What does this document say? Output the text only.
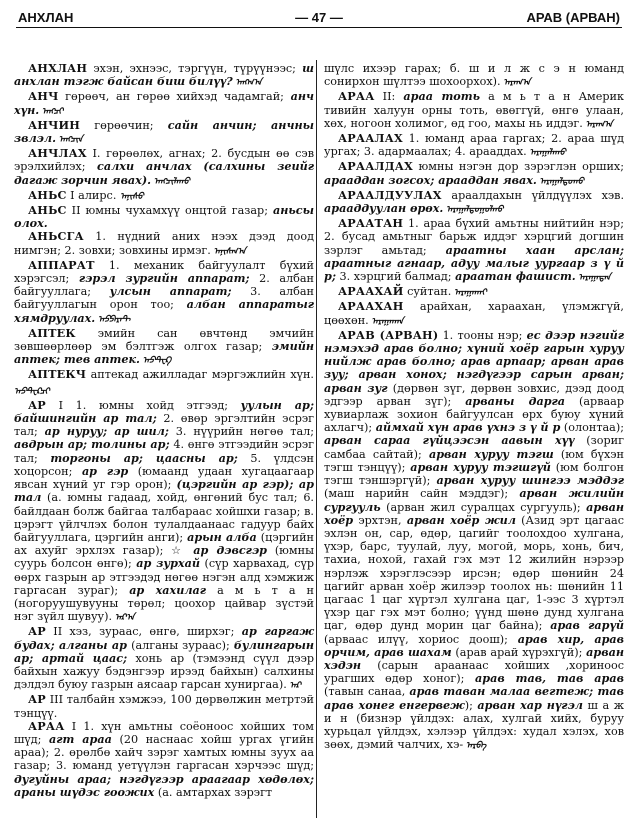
АНХЛАН	— 47 —	АРАВ (АРВАН)
АНХЛАН эхэн, эхнээс, тэргүүн, түрүүнээс; ш анхлан тэгж байсан биш билүү? ᠠᠩᠬ᠎ᠠ
АНЧ гөрөөч, ан гөрөө хийхэд чадамгай; анч хүн. ᠠᠩᠴᠢ
АНЧИН гөрөөчин; сайн анчин; анчны звлэл. ᠠᠩᠴᠢᠨ
АНЧЛАХ I. гөрөөлөх, агнах; 2. бусдын өө сэв эрэлхийлэх; салхи анчлах (салхины зеийг дагаж зорчин явах). ᠠᠩᠴᠢᠯᠠᠬᠤ
АНЬС I алирс. ᠠᠨᠢᠰᠤ
АНЬС II юмны чухамхүү онцтой газар; аньсы олох.
АНЬСГА 1. нүдний аних нээх дээд доод нимгэн; 2. зовхи; зовхины ирмэг. ᠠᠨᠢᠰᠬ᠎ᠠ
АППАРАТ 1. механик байгуулалт бүхий хэрэгсэл; гэрэл зургийн аппарат; 2. албан байгууллага; улсын аппарат; 3. албан байгууллагын орон тоо; албан аппаратыг хямдруулах. ᠠᠫᠫᠠᠷᠠᠲ
АПТЕК эмийн сан өвчтөнд эмчийн зөвшөөрлөөр эм бэлтгэж олгох газар; эмийн аптек; тев аптек. ᠠᠫᠲ᠋ᠧᠺ
АПТЕКЧ аптекад ажилладаг мэргэжлийн хүн. ᠠᠫᠲ᠋ᠧᠺᠴᠢ
АР I 1. юмны хойд этгээд; уулын ар; байшингийн ар тал; 2. өвөр эргэлтийн эсрэг тал; ар нуруу; ар шил; 3. нүүрийн нөгөө тал; авдрын ар; толины ар; 4. өнгө этгээдийн эсрэг тал; торгоны ар; цаасны ар; 5. үлдсэн хоцорсон; ар гэр (юмаанд удаан хугацаагаар явсан хүний уг гэр орон); (цэргийн ар гэр); ар тал (а. юмны гадаад, хойд, өнгөний бус тал; 6. байлдаан болж байгаа талбараас хойшхи газар; в. цэрэгт үйлчлэх болон тулалдаанаас гадуур байх байгууллага, цэргийн анги); арын алба (цэргийн ах ахуйг эрхлэх газар); ☆ ар дэвсгэр (юмны суурь болсон өнгө); ар зурхай (сүр харвахад, сүр өөрх газрын ар этгээдэд нөгөө нэгэн алд хэмжиж гаргасан зураг); ар хахилаг а м ь т а н (ногоруушувууны төрөл; цоохор цайвар зүстэй нэг зүйл шувуу). ᠠᠷ᠎ᠠ
АР II хэз, зураас, өнгө, ширхэг; ар гаргаж будах; алганы ар (алганы зураас); булингарын ар; артай цаас; хонь ар (тэмээнд сүүл дээр байхын хажуу бэдэнгээр ирээд байхын) салхины дэлдэл буюу газрын аясаар гарсан хуниргаа). ᠠᠷ
АР III талбайн хэмжээ, 100 дөрвөлжин метртэй тэнцүү.
АРАА I 1. хүн амьтны соёоноос хойших том шүд; агт араа (20 наснаас хойш ургах үгийн араа); 2. өрөлбө хайч зэрэг хамтых юмны зуух аа газар; 3. юманд уетүүлэн гаргасан хэрчээс шүд; дугуйны араа; нэгдүгээр араагаар хөдөлөх; араны шүдэс гоожих (а. амтархах зэрэгт
шүлс ихээр гарах; б. ш и л ж с э н юманд сонирхон шүлтээ шохоорхох). ᠠᠷᠠᠭ᠎ᠠ
АРАА II: араа тоть а м ь т а н Америк тивийн халуун орны тоть, өвөггүй, өнгө улаан, хөх, ногоон холимог, өд гоо, махы нь иддэг. ᠠᠷᠠᠭ᠎ᠠ
АРААЛАХ 1. юманд араа гаргах; 2. араа шүд ургах; 3. адармаалах; 4. арааддах. ᠠᠷᠠᠭᠠᠯᠠᠬᠤ
АРААЛДАХ юмны нэгэн дор зэрэглэн орших; арааддан зогсох; арааддан явах. ᠠᠷᠠᠭᠠᠯᠳᠤᠬᠤ
АРААЛДУУЛАХ араалдахын үйлдүүлэх хэв. арааддуулан өрөх. ᠠᠷᠠᠭᠠᠯᠳᠤᠭᠤᠯᠬᠤ
АРААТАН 1. араа бүхий амьтны нийтийн нэр; 2. бусад амьтныг барьж иддэг хэрцгий догшин зэрлэг амьтад; араатны хаан арслан; араатныг агнаар, адуу малыг уургаар з ү й р; 3. хэрцгий балмад; араатан фашист. ᠠᠷᠠᠭᠠᠲᠠᠨ
АРААХАЙ суйтан. ᠠᠷᠠᠭᠠᠬᠠᠢ
АРААХАН арайхан, хараахан, үлэмжгүй, цөөхөн. ᠠᠷᠠᠭᠠᠬᠠᠨ
АРАВ (АРВАН) 1. тооны нэр; ес дээр нэгийг нэмэхэд арав болно; хүний хоёр гарын хуруу нийлж арав болно; арав арпаар; арван арав зуу; арван хонох; нэгдүгээр сарын арван; арван зуг (дөрвөн зүг, дөрвөн зовхис, дээд доод эдгээр арван зүг); арваны дарга (арваар хувиарлаж зохион байгуулсан өрх буюу хүний ахлагч); аймхай хүн арав үхнэ з ү й р (олонтаа); арван сараа гүйцээсэн аавын хүү (зориг самбаа сайтай); арван хуруу тэгш (юм бүхэн тэгш тэнцүү); арван хуруу тэгшгүй (юм болгон тэгш тэншэргүй); арван хуруу шингээ мэддэг (маш нарийн сайн мэддэг); арван жилийн сургууль (арван жил суралцах сургууль); арван хоёр эрхтэн, арван хоёр жил (Азид эрт цагаас эхлэн он, сар, өдөр, цагийг тоолохдоо хулгана, үхэр, барс, туулай, луу, могой, морь, хонь, бич, тахиа, нохой, гахай гэх мэт 12 жилийн нэрээр нэрлэж хэрэглэсээр ирсэн; өдөр шөнийн 24 цагийг арван хоёр жилээр тоолох нь: шөнийн 11 цагаас 1 цаг хүртэл хулгана цаг, 1-ээс 3 хүртэл үхэр цаг гэх мэт болно; үүнд шөнө дунд хулгана цаг, өдөр дунд морин цаг байна); арав гарүй (арваас илүү, хориос доош); арав хир, арав орчим, арав шахам (арав арай хүрэхгүй); арван хэдэн (сарын араанаас хойших ,хориноос урагших өдөр хоног); арав тав, тав арав (тавын санаа, арав таван малаа вегтеж; тав арав хонег енгервеж); арван хар нүгэл ш а ж и н (бизнэр үйлдэх: алах, хулгай хийх, буруу хурьцал үйлдэх, хэлээр үйлдэх: худал хэлэх, хов зөөх, дэмий чалчих, хэ- ᠠᠷᠪᠠ
